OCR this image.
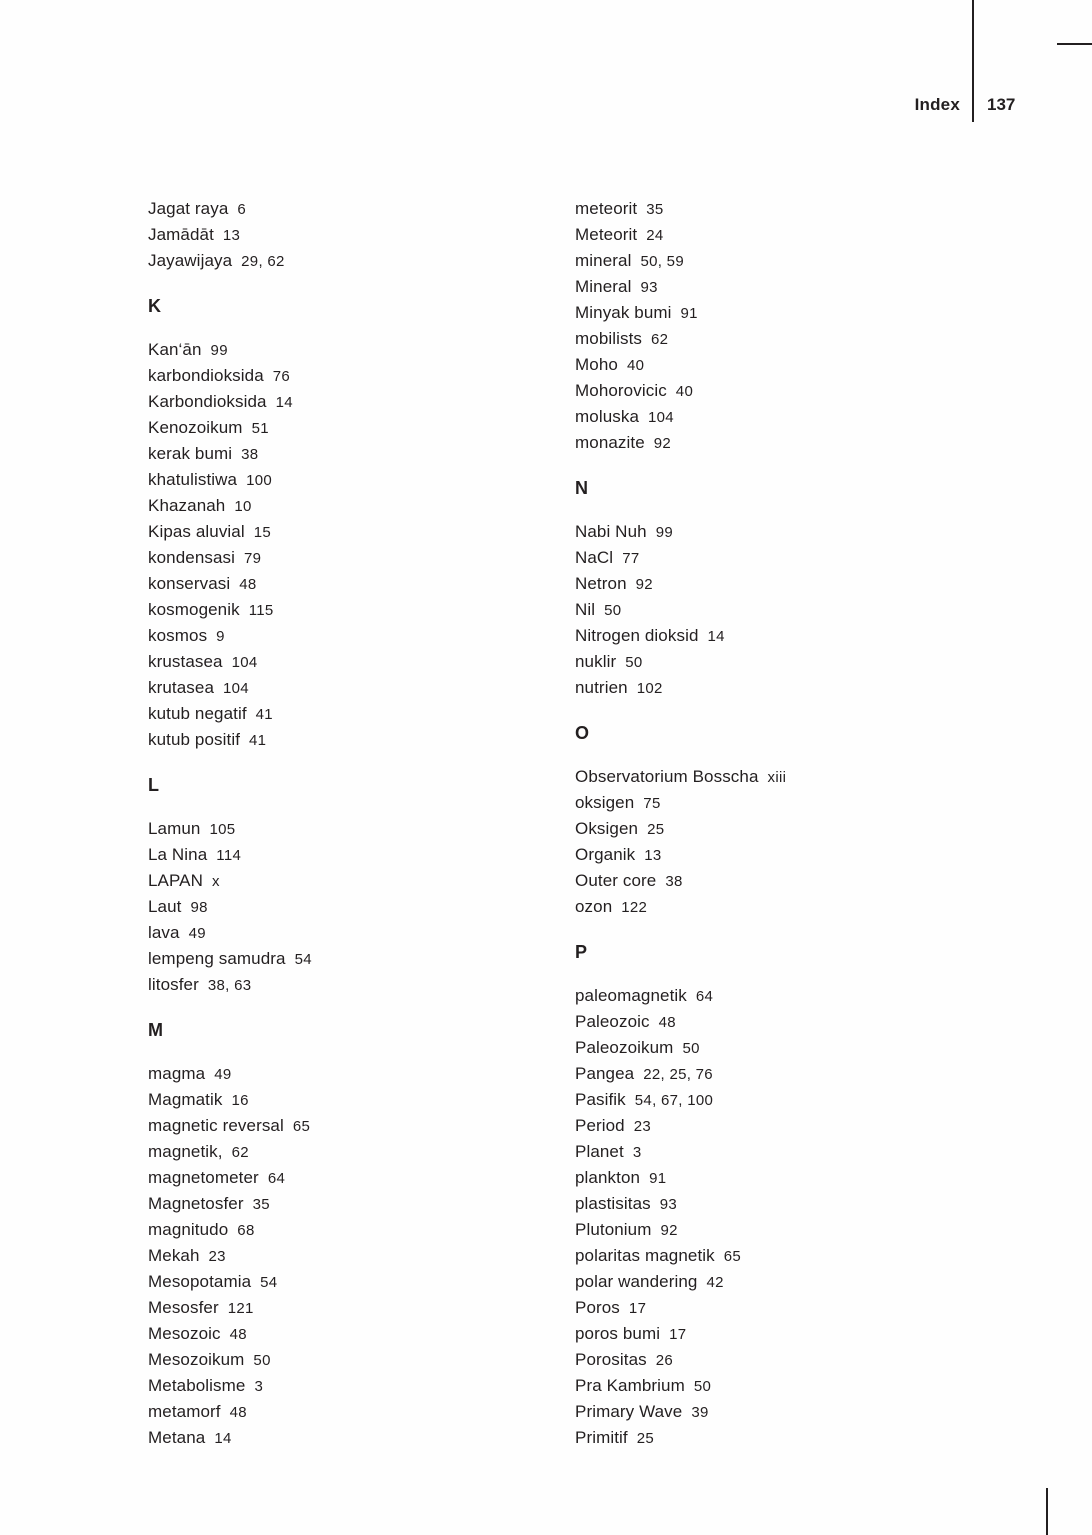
Index 137
Jagat raya 6
Jamādāt 13
Jayawijaya 29, 62
K
Kan‘ān 99
karbondioksida 76
Karbondioksida 14
Kenozoikum 51
kerak bumi 38
khatulistiwa 100
Khazanah 10
Kipas aluvial 15
kondensasi 79
konservasi 48
kosmogenik 115
kosmos 9
krustasea 104
krutasea 104
kutub negatif 41
kutub positif 41
L
Lamun 105
La Nina 114
LAPAN x
Laut 98
lava 49
lempeng samudra 54
litosfer 38, 63
M
magma 49
Magmatik 16
magnetic reversal 65
magnetik, 62
magnetometer 64
Magnetosfer 35
magnitudo 68
Mekah 23
Mesopotamia 54
Mesosfer 121
Mesozoic 48
Mesozoikum 50
Metabolisme 3
metamorf 48
Metana 14
meteorit 35
Meteorit 24
mineral 50, 59
Mineral 93
Minyak bumi 91
mobilists 62
Moho 40
Mohorovicic 40
moluska 104
monazite 92
N
Nabi Nuh 99
NaCl 77
Netron 92
Nil 50
Nitrogen dioksid 14
nuklir 50
nutrien 102
O
Observatorium Bosscha xiii
oksigen 75
Oksigen 25
Organik 13
Outer core 38
ozon 122
P
paleomagnetik 64
Paleozoic 48
Paleozoikum 50
Pangea 22, 25, 76
Pasifik 54, 67, 100
Period 23
Planet 3
plankton 91
plastisitas 93
Plutonium 92
polaritas magnetik 65
polar wandering 42
Poros 17
poros bumi 17
Porositas 26
Pra Kambrium 50
Primary Wave 39
Primitif 25
